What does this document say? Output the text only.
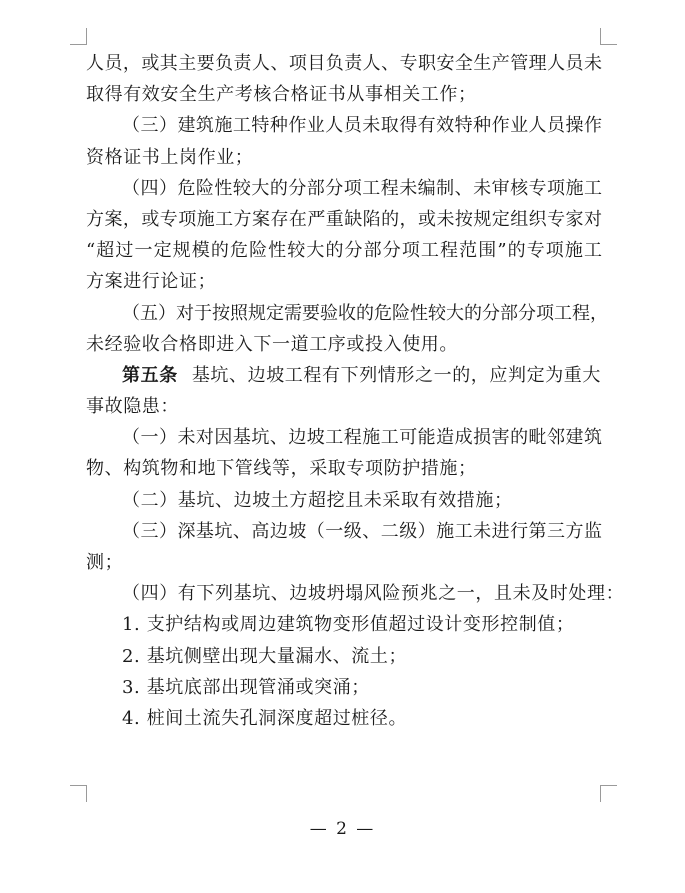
人员，或其主要负责人、项目负责人、专职安全生产管理人员未
取得有效安全生产考核合格证书从事相关工作；
（三）建筑施工特种作业人员未取得有效特种作业人员操作
资格证书上岗作业；
（四）危险性较大的分部分项工程未编制、未审核专项施工
方案，或专项施工方案存在严重缺陷的，或未按规定组织专家对
“超过一定规模的危险性较大的分部分项工程范围”的专项施工
方案进行论证；
（五）对于按照规定需要验收的危险性较大的分部分项工程，
未经验收合格即进入下一道工序或投入使用。
第五条 基坑、边坡工程有下列情形之一的，应判定为重大
事故隐患：
（一）未对因基坑、边坡工程施工可能造成损害的毗邻建筑
物、构筑物和地下管线等，采取专项防护措施；
（二）基坑、边坡土方超挖且未采取有效措施；
（三）深基坑、高边坡（一级、二级）施工未进行第三方监
测；
（四）有下列基坑、边坡坍塌风险预兆之一，且未及时处理：
1. 支护结构或周边建筑物变形值超过设计变形控制值；
2. 基坑侧壁出现大量漏水、流土；
3. 基坑底部出现管涌或突涌；
4. 桩间土流失孔洞深度超过桩径。
— 2 —
